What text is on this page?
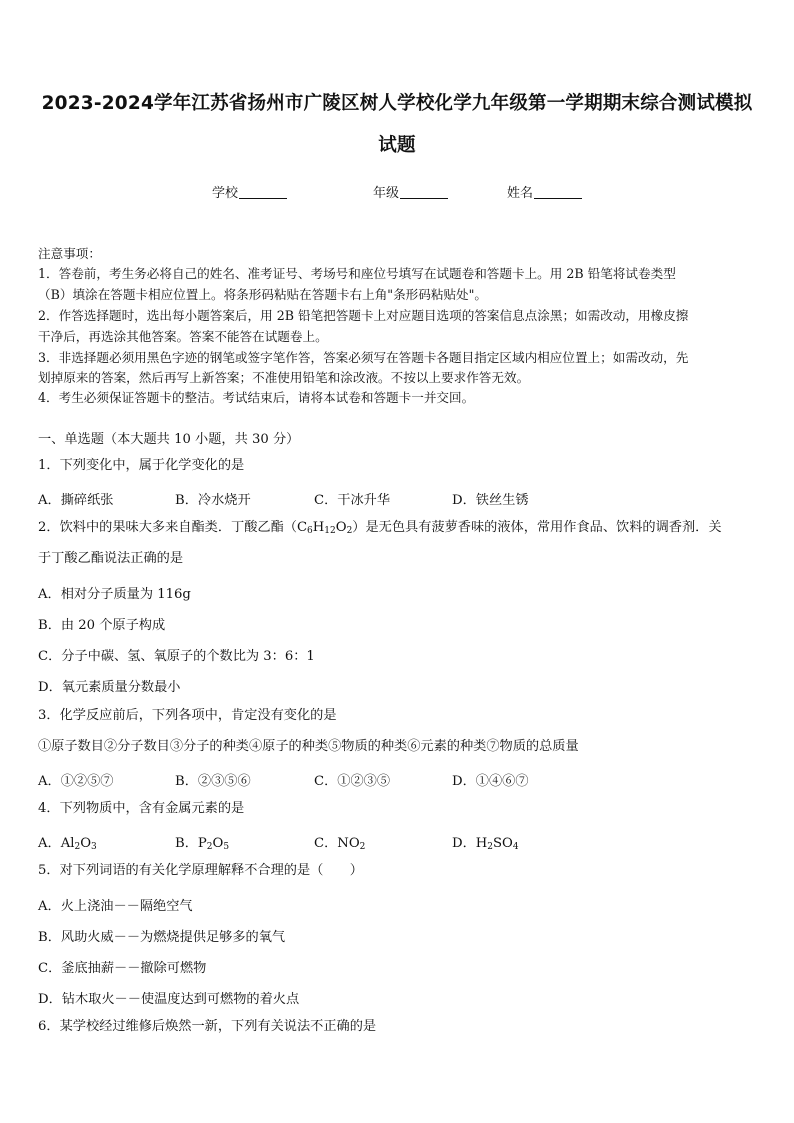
2023-2024学年江苏省扬州市广陵区树人学校化学九年级第一学期期末综合测试模拟
试题
学校	年级	姓名
注意事项：
1．答卷前，考生务必将自己的姓名、准考证号、考场号和座位号填写在试题卷和答题卡上。用 2B 铅笔将试卷类型
（B）填涂在答题卡相应位置上。将条形码粘贴在答题卡右上角"条形码粘贴处"。
2．作答选择题时，选出每小题答案后，用 2B 铅笔把答题卡上对应题目选项的答案信息点涂黑；如需改动，用橡皮擦
干净后，再选涂其他答案。答案不能答在试题卷上。
3．非选择题必须用黑色字迹的钢笔或签字笔作答，答案必须写在答题卡各题目指定区域内相应位置上；如需改动，先
划掉原来的答案，然后再写上新答案；不准使用铅笔和涂改液。不按以上要求作答无效。
4．考生必须保证答题卡的整洁。考试结束后，请将本试卷和答题卡一并交回。
一、单选题（本大题共 10 小题，共 30 分）
1．下列变化中，属于化学变化的是
A．撕碎纸张	B．冷水烧开	C．干冰升华	D．铁丝生锈
2．饮料中的果味大多来自酯类．丁酸乙酯$(C_6H_{12}O_2)$是无色具有菠萝香味的液体，常用作食品、饮料的调香剂．关
于丁酸乙酯说法正确的是
A．相对分子质量为 116g
B．由 20 个原子构成
C．分子中碳、氢、氧原子的个数比为 3：6：1
D．氧元素质量分数最小
3．化学反应前后，下列各项中，肯定没有变化的是
①原子数目②分子数目③分子的种类④原子的种类⑤物质的种类⑥元素的种类⑦物质的总质量
A．①②⑤⑦	B．②③⑤⑥	C．①②③⑤	D．①④⑥⑦
4．下列物质中，含有金属元素的是
A．$Al_2O_3$	B．$P_2O_5$	C．$NO_2$	D．$H_2SO_4$
5．对下列词语的有关化学原理解释不合理的是（　　）
A．火上浇油－－隔绝空气
B．风助火威－－为燃烧提供足够多的氧气
C．釜底抽薪－－撤除可燃物
D．钻木取火－－使温度达到可燃物的着火点
6．某学校经过维修后焕然一新，下列有关说法不正确的是
